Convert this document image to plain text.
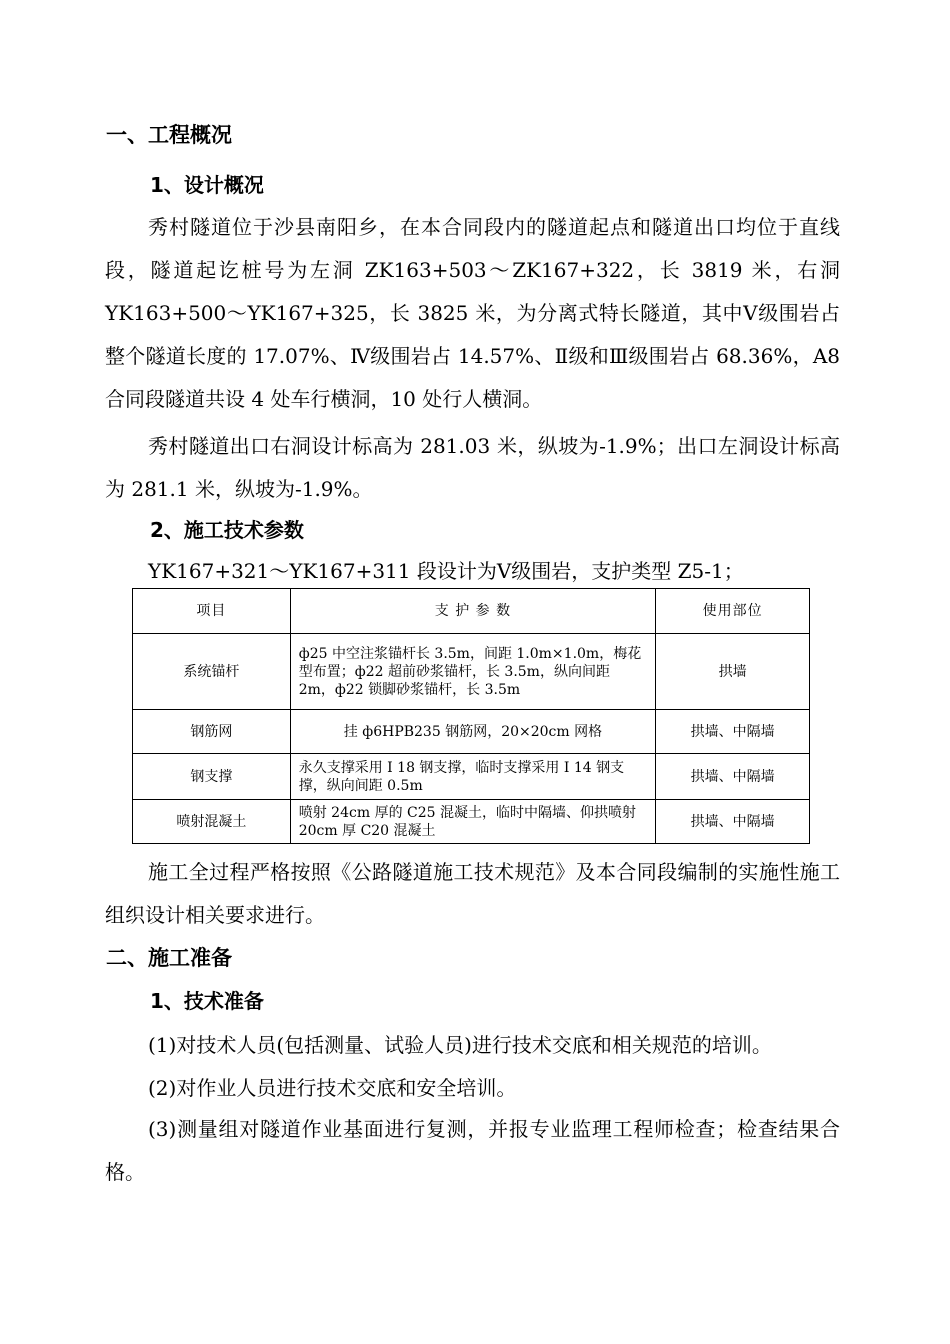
一、工程概况
1、设计概况
秀村隧道位于沙县南阳乡，在本合同段内的隧道起点和隧道出口均位于直线段，隧道起讫桩号为左洞 ZK163+503～ZK167+322，长 3819 米，右洞YK163+500～YK167+325，长 3825 米，为分离式特长隧道，其中Ⅴ级围岩占整个隧道长度的 17.07%、Ⅳ级围岩占 14.57%、Ⅱ级和Ⅲ级围岩占 68.36%，A8 合同段隧道共设 4 处车行横洞，10 处行人横洞。
秀村隧道出口右洞设计标高为 281.03 米，纵坡为-1.9%；出口左洞设计标高为 281.1 米，纵坡为-1.9%。
2、施工技术参数
YK167+321～YK167+311 段设计为Ⅴ级围岩，支护类型 Z5-1；
项目	支 护 参 数	使用部位
系统锚杆	ф25 中空注浆锚杆长 3.5m，间距 1.0m×1.0m，梅花型布置；ф22 超前砂浆锚杆，长 3.5m，纵向间距 2m，ф22 锁脚砂浆锚杆，长 3.5m	拱墙
钢筋网	挂 ф6HPB235 钢筋网，20×20cm 网格	拱墙、中隔墙
钢支撑	永久支撑采用 I 18 钢支撑，临时支撑采用 I 14 钢支撑，纵向间距 0.5m	拱墙、中隔墙
喷射混凝土	喷射 24cm 厚的 C25 混凝土，临时中隔墙、仰拱喷射 20cm 厚 C20 混凝土	拱墙、中隔墙
施工全过程严格按照《公路隧道施工技术规范》及本合同段编制的实施性施工组织设计相关要求进行。
二、施工准备
1、技术准备
(1)对技术人员(包括测量、试验人员)进行技术交底和相关规范的培训。
(2)对作业人员进行技术交底和安全培训。
(3)测量组对隧道作业基面进行复测，并报专业监理工程师检查；检查结果合格。
